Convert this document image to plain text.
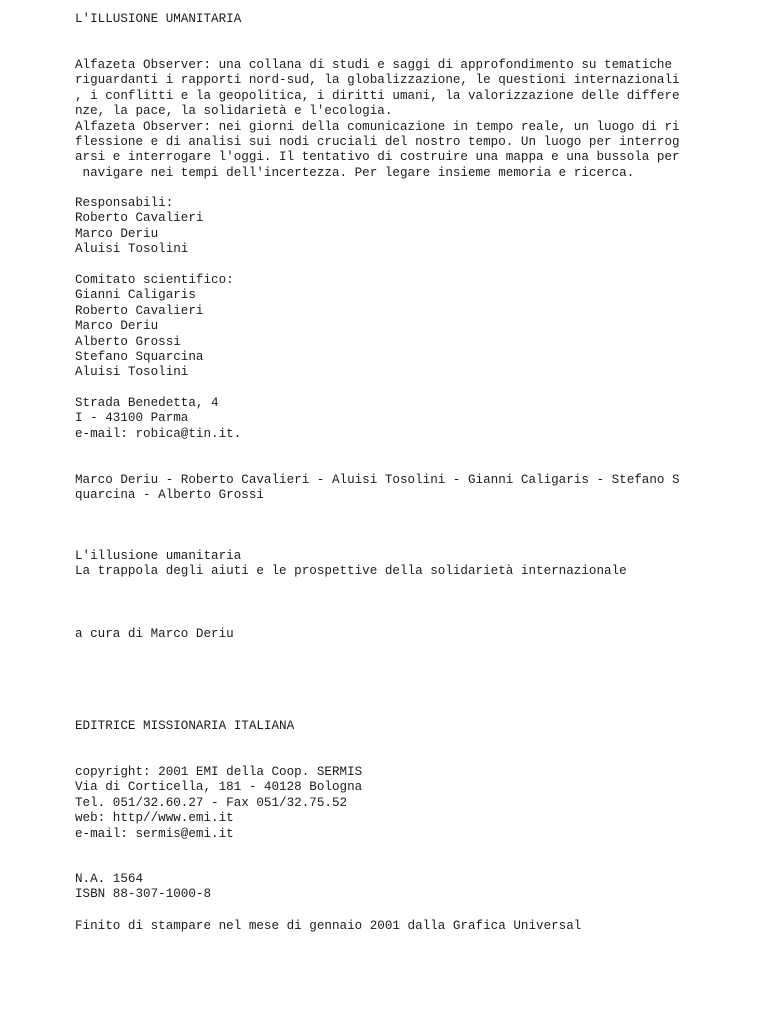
L'ILLUSIONE UMANITARIA
Alfazeta Observer: una collana di studi e saggi di approfondimento su tematiche
riguardanti i rapporti nord-sud, la globalizzazione, le questioni internazionali
, i conflitti e la geopolitica, i diritti umani, la valorizzazione delle differe
nze, la pace, la solidarietà e l'ecologia.
Alfazeta Observer: nei giorni della comunicazione in tempo reale, un luogo di ri
flessione e di analisi sui nodi cruciali del nostro tempo. Un luogo per interrog
arsi e interrogare l'oggi. Il tentativo di costruire una mappa e una bussola per
navigare nei tempi dell'incertezza. Per legare insieme memoria e ricerca.
Responsabili:
Roberto Cavalieri
Marco Deriu
Aluisi Tosolini
Comitato scientifico:
Gianni Caligaris
Roberto Cavalieri
Marco Deriu
Alberto Grossi
Stefano Squarcina
Aluisi Tosolini
Strada Benedetta, 4
I - 43100 Parma
e-mail: robica@tin.it.
Marco Deriu - Roberto Cavalieri - Aluisi Tosolini - Gianni Caligaris - Stefano S
quarcina - Alberto Grossi
L'illusione umanitaria
La trappola degli aiuti e le prospettive della solidarietà internazionale
a cura di Marco Deriu
EDITRICE MISSIONARIA ITALIANA
copyright: 2001 EMI della Coop. SERMIS
Via di Corticella, 181 - 40128 Bologna
Tel. 051/32.60.27 - Fax 051/32.75.52
web: http//www.emi.it
e-mail: sermis@emi.it
N.A. 1564
ISBN 88-307-1000-8
Finito di stampare nel mese di gennaio 2001 dalla Grafica Universal
